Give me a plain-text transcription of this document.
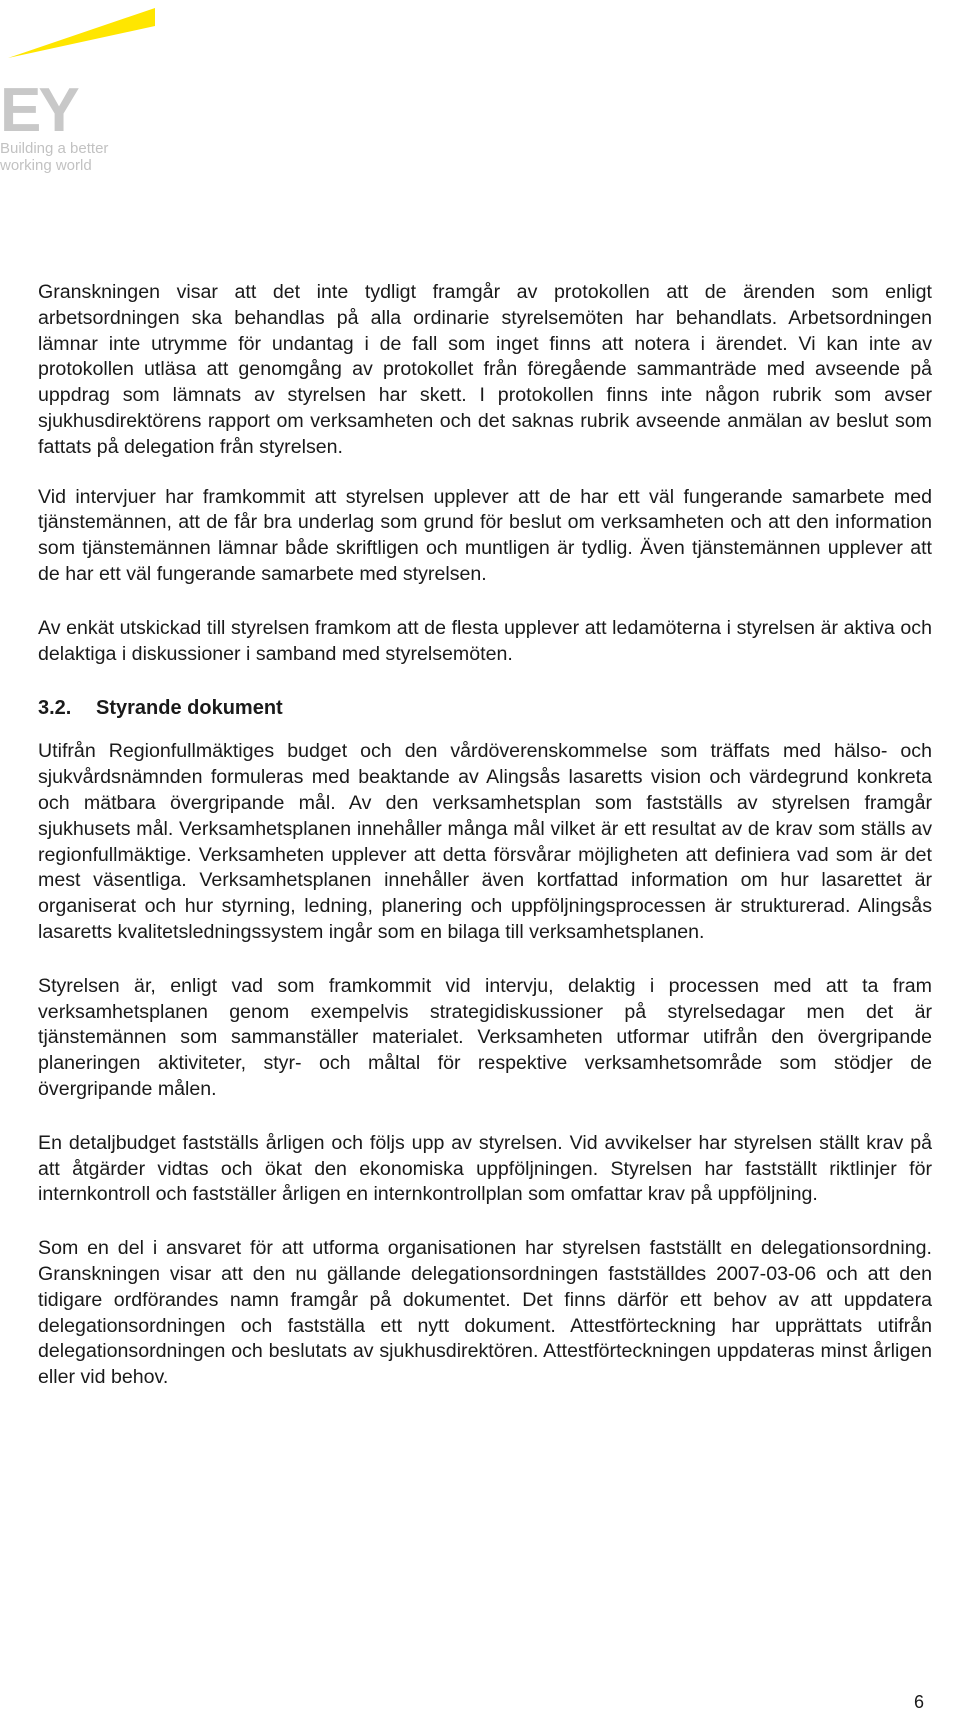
EY
Building a better
working world

Granskningen visar att det inte tydligt framgår av protokollen att de ärenden som enligt arbetsordningen ska behandlas på alla ordinarie styrelsemöten har behandlats. Arbetsordningen lämnar inte utrymme för undantag i de fall som inget finns att notera i ärendet. Vi kan inte av protokollen utläsa att genomgång av protokollet från föregående sammanträde med avseende på uppdrag som lämnats av styrelsen har skett. I protokollen finns inte någon rubrik som avser sjukhusdirektörens rapport om verksamheten och det saknas rubrik avseende anmälan av beslut som fattats på delegation från styrelsen.

Vid intervjuer har framkommit att styrelsen upplever att de har ett väl fungerande samarbete med tjänstemännen, att de får bra underlag som grund för beslut om verksamheten och att den information som tjänstemännen lämnar både skriftligen och muntligen är tydlig. Även tjänstemännen upplever att de har ett väl fungerande samarbete med styrelsen.

Av enkät utskickad till styrelsen framkom att de flesta upplever att ledamöterna i styrelsen är aktiva och delaktiga i diskussioner i samband med styrelsemöten.

3.2.	Styrande dokument

Utifrån Regionfullmäktiges budget och den vårdöverenskommelse som träffats med hälso- och sjukvårdsnämnden formuleras med beaktande av Alingsås lasaretts vision och värdegrund konkreta och mätbara övergripande mål. Av den verksamhetsplan som fastställs av styrelsen framgår sjukhusets mål. Verksamhetsplanen innehåller många mål vilket är ett resultat av de krav som ställs av regionfullmäktige. Verksamheten upplever att detta försvårar möjligheten att definiera vad som är det mest väsentliga. Verksamhetsplanen innehåller även kortfattad information om hur lasarettet är organiserat och hur styrning, ledning, planering och uppföljningsprocessen är strukturerad. Alingsås lasaretts kvalitetsledningssystem ingår som en bilaga till verksamhetsplanen.

Styrelsen är, enligt vad som framkommit vid intervju, delaktig i processen med att ta fram verksamhetsplanen genom exempelvis strategidiskussioner på styrelsedagar men det är tjänstemännen som sammanställer materialet. Verksamheten utformar utifrån den övergripande planeringen aktiviteter, styr- och måltal för respektive verksamhetsområde som stödjer de övergripande målen.

En detaljbudget fastställs årligen och följs upp av styrelsen. Vid avvikelser har styrelsen ställt krav på att åtgärder vidtas och ökat den ekonomiska uppföljningen. Styrelsen har fastställt riktlinjer för internkontroll och fastställer årligen en internkontrollplan som omfattar krav på uppföljning.

Som en del i ansvaret för att utforma organisationen har styrelsen fastställt en delegationsordning. Granskningen visar att den nu gällande delegationsordningen fastställdes 2007-03-06 och att den tidigare ordförandes namn framgår på dokumentet. Det finns därför ett behov av att uppdatera delegationsordningen och fastställa ett nytt dokument. Attestförteckning har upprättats utifrån delegationsordningen och beslutats av sjukhusdirektören. Attestförteckningen uppdateras minst årligen eller vid behov.

6
